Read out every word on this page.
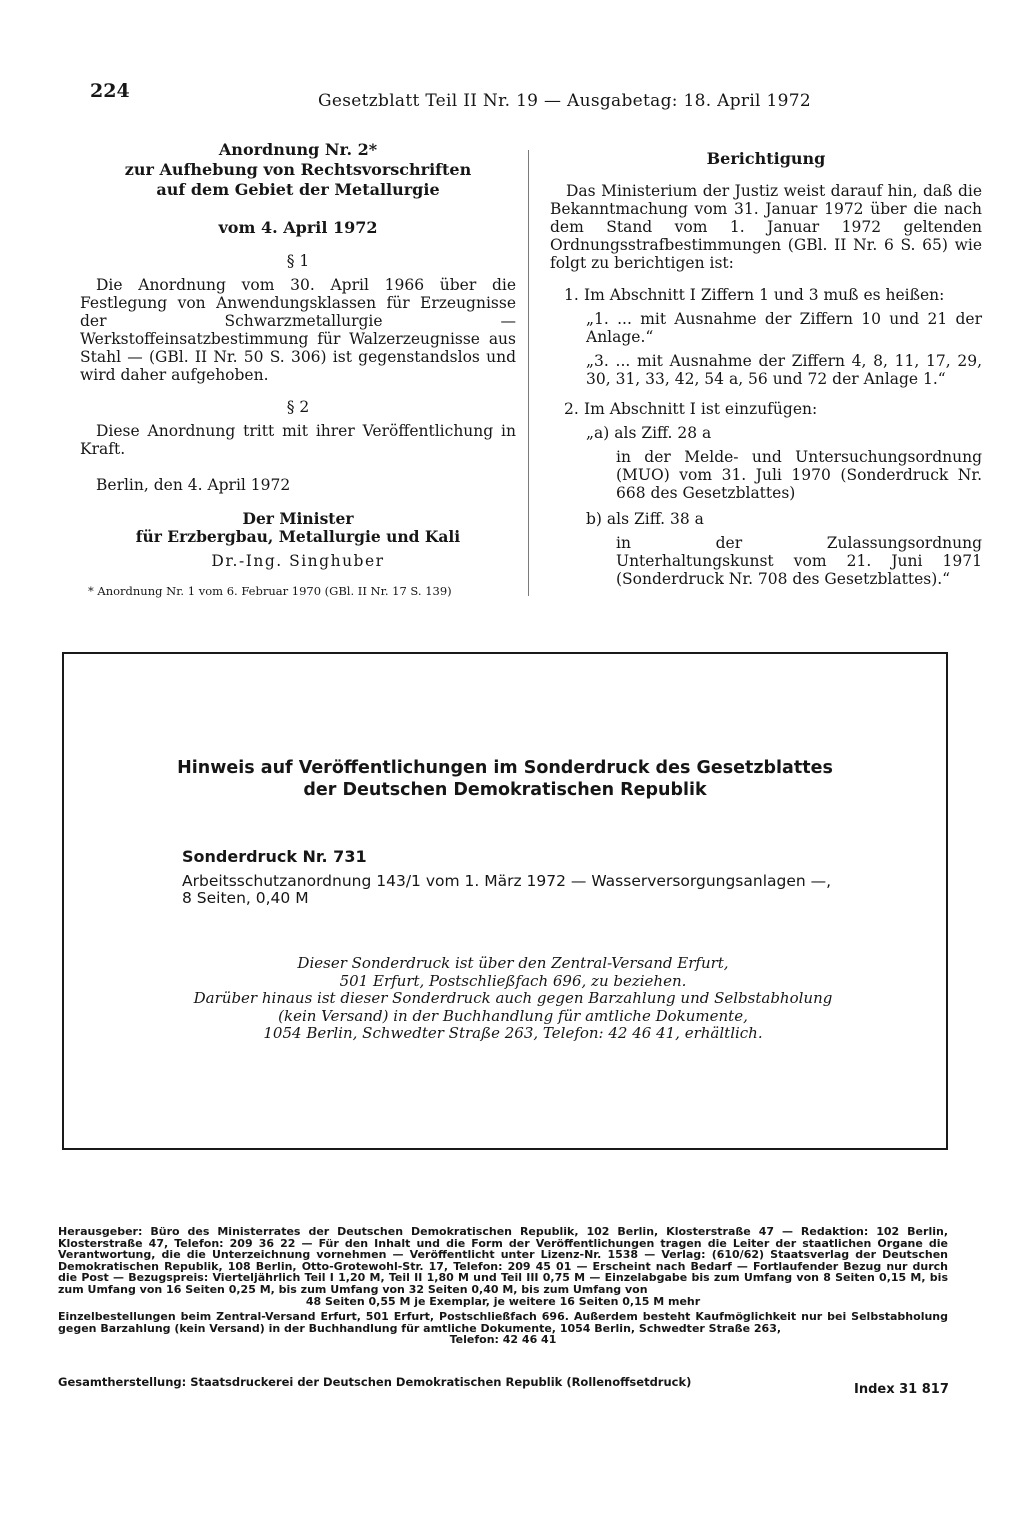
224	Gesetzblatt Teil II Nr. 19 — Ausgabetag: 18. April 1972
Anordnung Nr. 2*
zur Aufhebung von Rechtsvorschriften
auf dem Gebiet der Metallurgie
vom 4. April 1972

§ 1

Die Anordnung vom 30. April 1966 über die Festlegung von Anwendungsklassen für Erzeugnisse der Schwarzmetallurgie — Werkstoffeinsatzbestimmung für Walzerzeugnisse aus Stahl — (GBl. II Nr. 50 S. 306) ist gegenstandslos und wird daher aufgehoben.

§ 2

Diese Anordnung tritt mit ihrer Veröffentlichung in Kraft.

Berlin, den 4. April 1972

Der Minister
für Erzbergbau, Metallurgie und Kali
Dr.-Ing. Singhuber
* Anordnung Nr. 1 vom 6. Februar 1970 (GBl. II Nr. 17 S. 139)
Berichtigung

Das Ministerium der Justiz weist darauf hin, daß die Bekanntmachung vom 31. Januar 1972 über die nach dem Stand vom 1. Januar 1972 geltenden Ordnungsstrafbestimmungen (GBl. II Nr. 6 S. 65) wie folgt zu berichtigen ist:

1. Im Abschnitt I Ziffern 1 und 3 muß es heißen:

„1. ... mit Ausnahme der Ziffern 10 und 21 der Anlage.“

„3. ... mit Ausnahme der Ziffern 4, 8, 11, 17, 29, 30, 31, 33, 42, 54 a, 56 und 72 der Anlage 1.“

2. Im Abschnitt I ist einzufügen:

„a) als Ziff. 28 a

in der Melde- und Untersuchungsordnung (MUO) vom 31. Juli 1970 (Sonderdruck Nr. 668 des Gesetzblattes)

b) als Ziff. 38 a

in der Zulassungsordnung Unterhaltungskunst vom 21. Juni 1971 (Sonderdruck Nr. 708 des Gesetzblattes).“

Hinweis auf Veröffentlichungen im Sonderdruck des Gesetzblattes
der Deutschen Demokratischen Republik
Sonderdruck Nr. 731
Arbeitsschutzanordnung 143/1 vom 1. März 1972 — Wasserversorgungsanlagen —,
8 Seiten, 0,40 M
Dieser Sonderdruck ist über den Zentral-Versand Erfurt,
501 Erfurt, Postschließfach 696, zu beziehen.
Darüber hinaus ist dieser Sonderdruck auch gegen Barzahlung und Selbstabholung
(kein Versand) in der Buchhandlung für amtliche Dokumente,
1054 Berlin, Schwedter Straße 263, Telefon: 42 46 41, erhältlich.
Herausgeber: Büro des Ministerrates der Deutschen Demokratischen Republik, 102 Berlin, Klosterstraße 47 — Redaktion: 102 Berlin, Klosterstraße 47, Telefon: 209 36 22 — Für den Inhalt und die Form der Veröffentlichungen tragen die Leiter der staatlichen Organe die Verantwortung, die die Unterzeichnung vornehmen — Veröffentlicht unter Lizenz-Nr. 1538 — Verlag: (610/62) Staatsverlag der Deutschen Demokratischen Republik, 108 Berlin, Otto-Grotewohl-Str. 17, Telefon: 209 45 01 — Erscheint nach Bedarf — Fortlaufender Bezug nur durch die Post — Bezugspreis: Vierteljährlich Teil I 1,20 M, Teil II 1,80 M und Teil III 0,75 M — Einzelabgabe bis zum Umfang von 8 Seiten 0,15 M, bis zum Umfang von 16 Seiten 0,25 M, bis zum Umfang von 32 Seiten 0,40 M, bis zum Umfang von
48 Seiten 0,55 M je Exemplar, je weitere 16 Seiten 0,15 M mehr
Einzelbestellungen beim Zentral-Versand Erfurt, 501 Erfurt, Postschließfach 696. Außerdem besteht Kaufmöglichkeit nur bei Selbstabholung gegen Barzahlung (kein Versand) in der Buchhandlung für amtliche Dokumente, 1054 Berlin, Schwedter Straße 263,
Telefon: 42 46 41
Gesamtherstellung: Staatsdruckerei der Deutschen Demokratischen Republik (Rollenoffsetdruck)	Index 31 817
